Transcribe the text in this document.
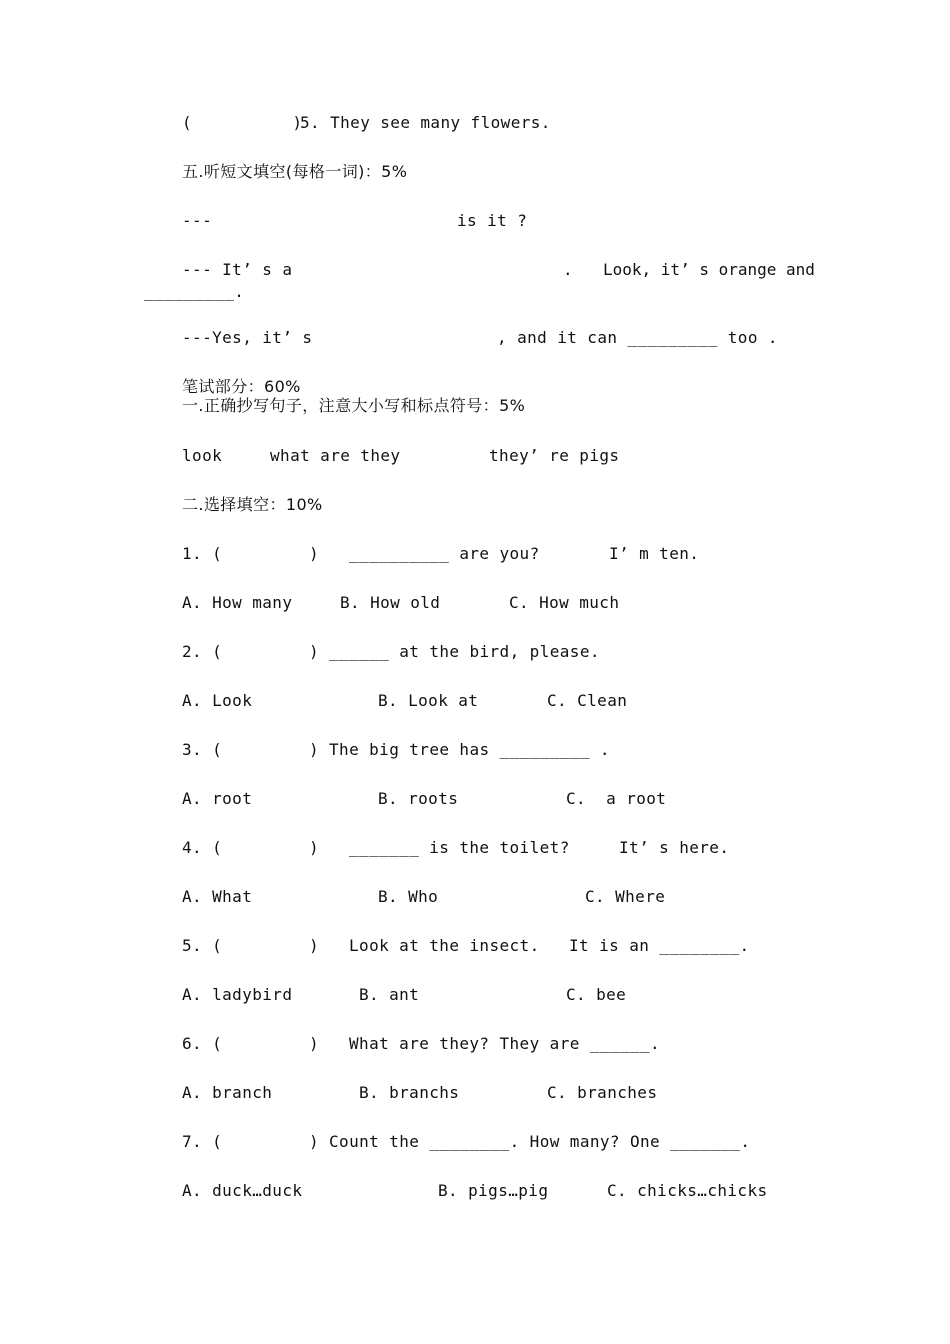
(          )
5. They see many flowers.
五.听短文填空(每格一词)：5%
---	is it ?
--- It’ s a	. Look, it’ s orange and
_________.
---Yes, it’ s	, and it can _________ too .
笔试部分：60%
一.正确抄写句子，注意大小写和标点符号：5%
look	what are they	they’ re pigs
二.选择填空：10%
1. (	) __________ are you?	I’ m ten.
A. How many	B. How old	C. How much
2. (	) ______ at the bird, please.
A. Look	B. Look at	C. Clean
3. (	) The big tree has _________ .
A. root	B. roots	C.  a root
4. (	) _______ is the toilet?	It’ s here.
A. What	B. Who	C. Where
5. (	) Look at the insect. It is an ________.
A. ladybird	B. ant	C. bee
6. (	) What are they? They are ______.
A. branch	B. branchs	C. branches
7. (	) Count the ________. How many? One _______.
A. duck…duck	B. pigs…pig	C. chicks…chicks
